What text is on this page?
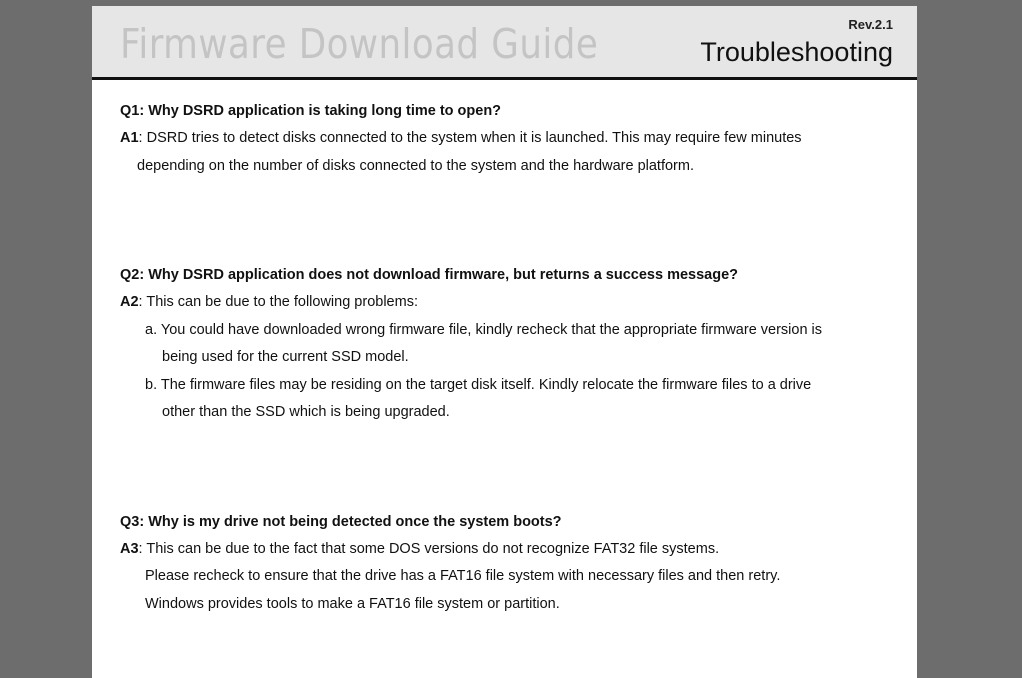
Firmware Download Guide	Rev.2.1
Troubleshooting
Q1: Why DSRD application is taking long time to open?
A1: DSRD tries to detect disks connected to the system when it is launched. This may require few minutes
depending on the number of disks connected to the system and the hardware platform.
Q2: Why DSRD application does not download firmware, but returns a success message?
A2: This can be due to the following problems:
a. You could have downloaded wrong firmware file, kindly recheck that the appropriate firmware version is
being used for the current SSD model.
b. The firmware files may be residing on the target disk itself. Kindly relocate the firmware files to a drive
other than the SSD which is being upgraded.
Q3: Why is my drive not being detected once the system boots?
A3: This can be due to the fact that some DOS versions do not recognize FAT32 file systems.
Please recheck to ensure that the drive has a FAT16 file system with necessary files and then retry.
Windows provides tools to make a FAT16 file system or partition.
